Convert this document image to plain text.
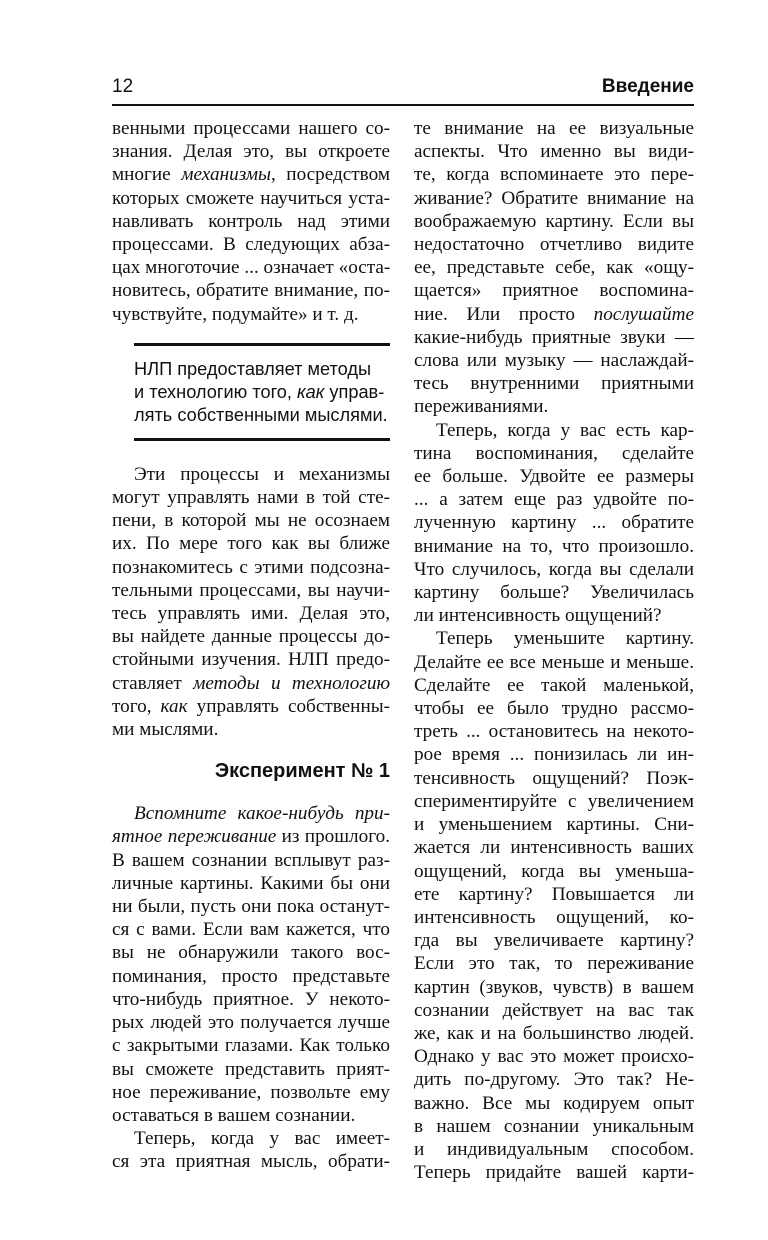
12	Введение
венными процессами нашего со-
знания. Делая это, вы откроете
многие механизмы, посредством
которых сможете научиться уста-
навливать контроль над этими
процессами. В следующих абза-
цах многоточие ... означает «оста-
новитесь, обратите внимание, по-
чувствуйте, подумайте» и т. д.
НЛП предоставляет методы
и технологию того, как управ-
лять собственными мыслями.
Эти процессы и механизмы
могут управлять нами в той сте-
пени, в которой мы не осознаем
их. По мере того как вы ближе
познакомитесь с этими подсозна-
тельными процессами, вы научи-
тесь управлять ими. Делая это,
вы найдете данные процессы до-
стойными изучения. НЛП предо-
ставляет методы и технологию
того, как управлять собственны-
ми мыслями.
Эксперимент № 1
Вспомните какое-нибудь при-
ятное переживание из прошлого.
В вашем сознании всплывут раз-
личные картины. Какими бы они
ни были, пусть они пока останут-
ся с вами. Если вам кажется, что
вы не обнаружили такого вос-
поминания, просто представьте
что-нибудь приятное. У некото-
рых людей это получается лучше
с закрытыми глазами. Как только
вы сможете представить прият-
ное переживание, позвольте ему
оставаться в вашем сознании.
Теперь, когда у вас имеет-
ся эта приятная мысль, обрати-
те внимание на ее визуальные
аспекты. Что именно вы види-
те, когда вспоминаете это пере-
живание? Обратите внимание на
воображаемую картину. Если вы
недостаточно отчетливо видите
ее, представьте себе, как «ощу-
щается» приятное воспомина-
ние. Или просто послушайте
какие-нибудь приятные звуки —
слова или музыку — наслаждай-
тесь внутренними приятными
переживаниями.
Теперь, когда у вас есть кар-
тина воспоминания, сделайте
ее больше. Удвойте ее размеры
... а затем еще раз удвойте по-
лученную картину ... обратите
внимание на то, что произошло.
Что случилось, когда вы сделали
картину больше? Увеличилась
ли интенсивность ощущений?
Теперь уменьшите картину.
Делайте ее все меньше и меньше.
Сделайте ее такой маленькой,
чтобы ее было трудно рассмо-
треть ... остановитесь на некото-
рое время ... понизилась ли ин-
тенсивность ощущений? Поэк-
спериментируйте с увеличением
и уменьшением картины. Сни-
жается ли интенсивность ваших
ощущений, когда вы уменьша-
ете картину? Повышается ли
интенсивность ощущений, ко-
гда вы увеличиваете картину?
Если это так, то переживание
картин (звуков, чувств) в вашем
сознании действует на вас так
же, как и на большинство людей.
Однако у вас это может происхо-
дить по-другому. Это так? Не-
важно. Все мы кодируем опыт
в нашем сознании уникальным
и индивидуальным способом.
Теперь придайте вашей карти-
